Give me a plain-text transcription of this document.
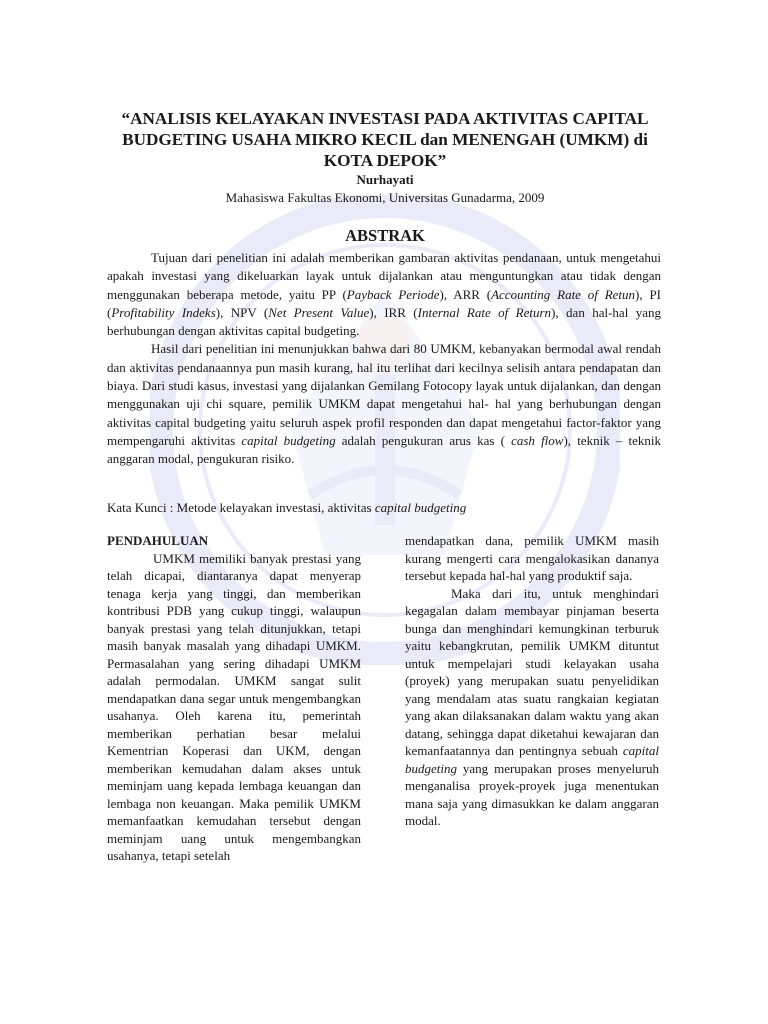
“ANALISIS KELAYAKAN INVESTASI PADA AKTIVITAS CAPITAL
BUDGETING USAHA MIKRO KECIL dan MENENGAH (UMKM) di
KOTA DEPOK”
Nurhayati
Mahasiswa Fakultas Ekonomi, Universitas Gunadarma, 2009
ABSTRAK

Tujuan dari penelitian ini adalah memberikan gambaran aktivitas pendanaan, untuk mengetahui apakah investasi yang dikeluarkan layak untuk dijalankan atau menguntungkan atau tidak dengan menggunakan beberapa metode, yaitu PP (Payback Periode), ARR (Accounting Rate of Retun), PI (Profitability Indeks), NPV (Net Present Value), IRR (Internal Rate of Return), dan hal-hal yang berhubungan dengan aktivitas capital budgeting.

Hasil dari penelitian ini menunjukkan bahwa dari 80 UMKM, kebanyakan bermodal awal rendah dan aktivitas pendanaannya pun masih kurang, hal itu terlihat dari kecilnya selisih antara pendapatan dan biaya. Dari studi kasus, investasi yang dijalankan Gemilang Fotocopy layak untuk dijalankan, dan dengan menggunakan uji chi square, pemilik UMKM dapat mengetahui hal- hal yang berhubungan dengan aktivitas capital budgeting yaitu seluruh aspek profil responden dan dapat mengetahui factor-faktor yang mempengaruhi aktivitas capital budgeting adalah pengukuran arus kas ( cash flow), teknik – teknik anggaran modal, pengukuran risiko.

Kata Kunci : Metode kelayakan investasi, aktivitas capital budgeting
PENDAHULUAN

UMKM memiliki banyak prestasi yang telah dicapai, diantaranya dapat menyerap tenaga kerja yang tinggi, dan memberikan kontribusi PDB yang cukup tinggi, walaupun banyak prestasi yang telah ditunjukkan, tetapi masih banyak masalah yang dihadapi UMKM. Permasalahan yang sering dihadapi UMKM adalah permodalan. UMKM sangat sulit mendapatkan dana segar untuk mengembangkan usahanya. Oleh karena itu, pemerintah memberikan perhatian besar melalui Kementrian Koperasi dan UKM, dengan memberikan kemudahan dalam akses untuk meminjam uang kepada lembaga keuangan dan lembaga non keuangan. Maka pemilik UMKM memanfaatkan kemudahan tersebut dengan meminjam uang untuk mengembangkan usahanya, tetapi setelah

mendapatkan dana, pemilik UMKM masih kurang mengerti cara mengalokasikan dananya tersebut kepada hal-hal yang produktif saja.

Maka dari itu, untuk menghindari kegagalan dalam membayar pinjaman beserta bunga dan menghindari kemungkinan terburuk yaitu kebangkrutan, pemilik UMKM dituntut untuk mempelajari studi kelayakan usaha (proyek) yang merupakan suatu penyelidikan yang mendalam atas suatu rangkaian kegiatan yang akan dilaksanakan dalam waktu yang akan datang, sehingga dapat diketahui kewajaran dan kemanfaatannya dan pentingnya sebuah capital budgeting yang merupakan proses menyeluruh menganalisa proyek-proyek juga menentukan mana saja yang dimasukkan ke dalam anggaran modal.
